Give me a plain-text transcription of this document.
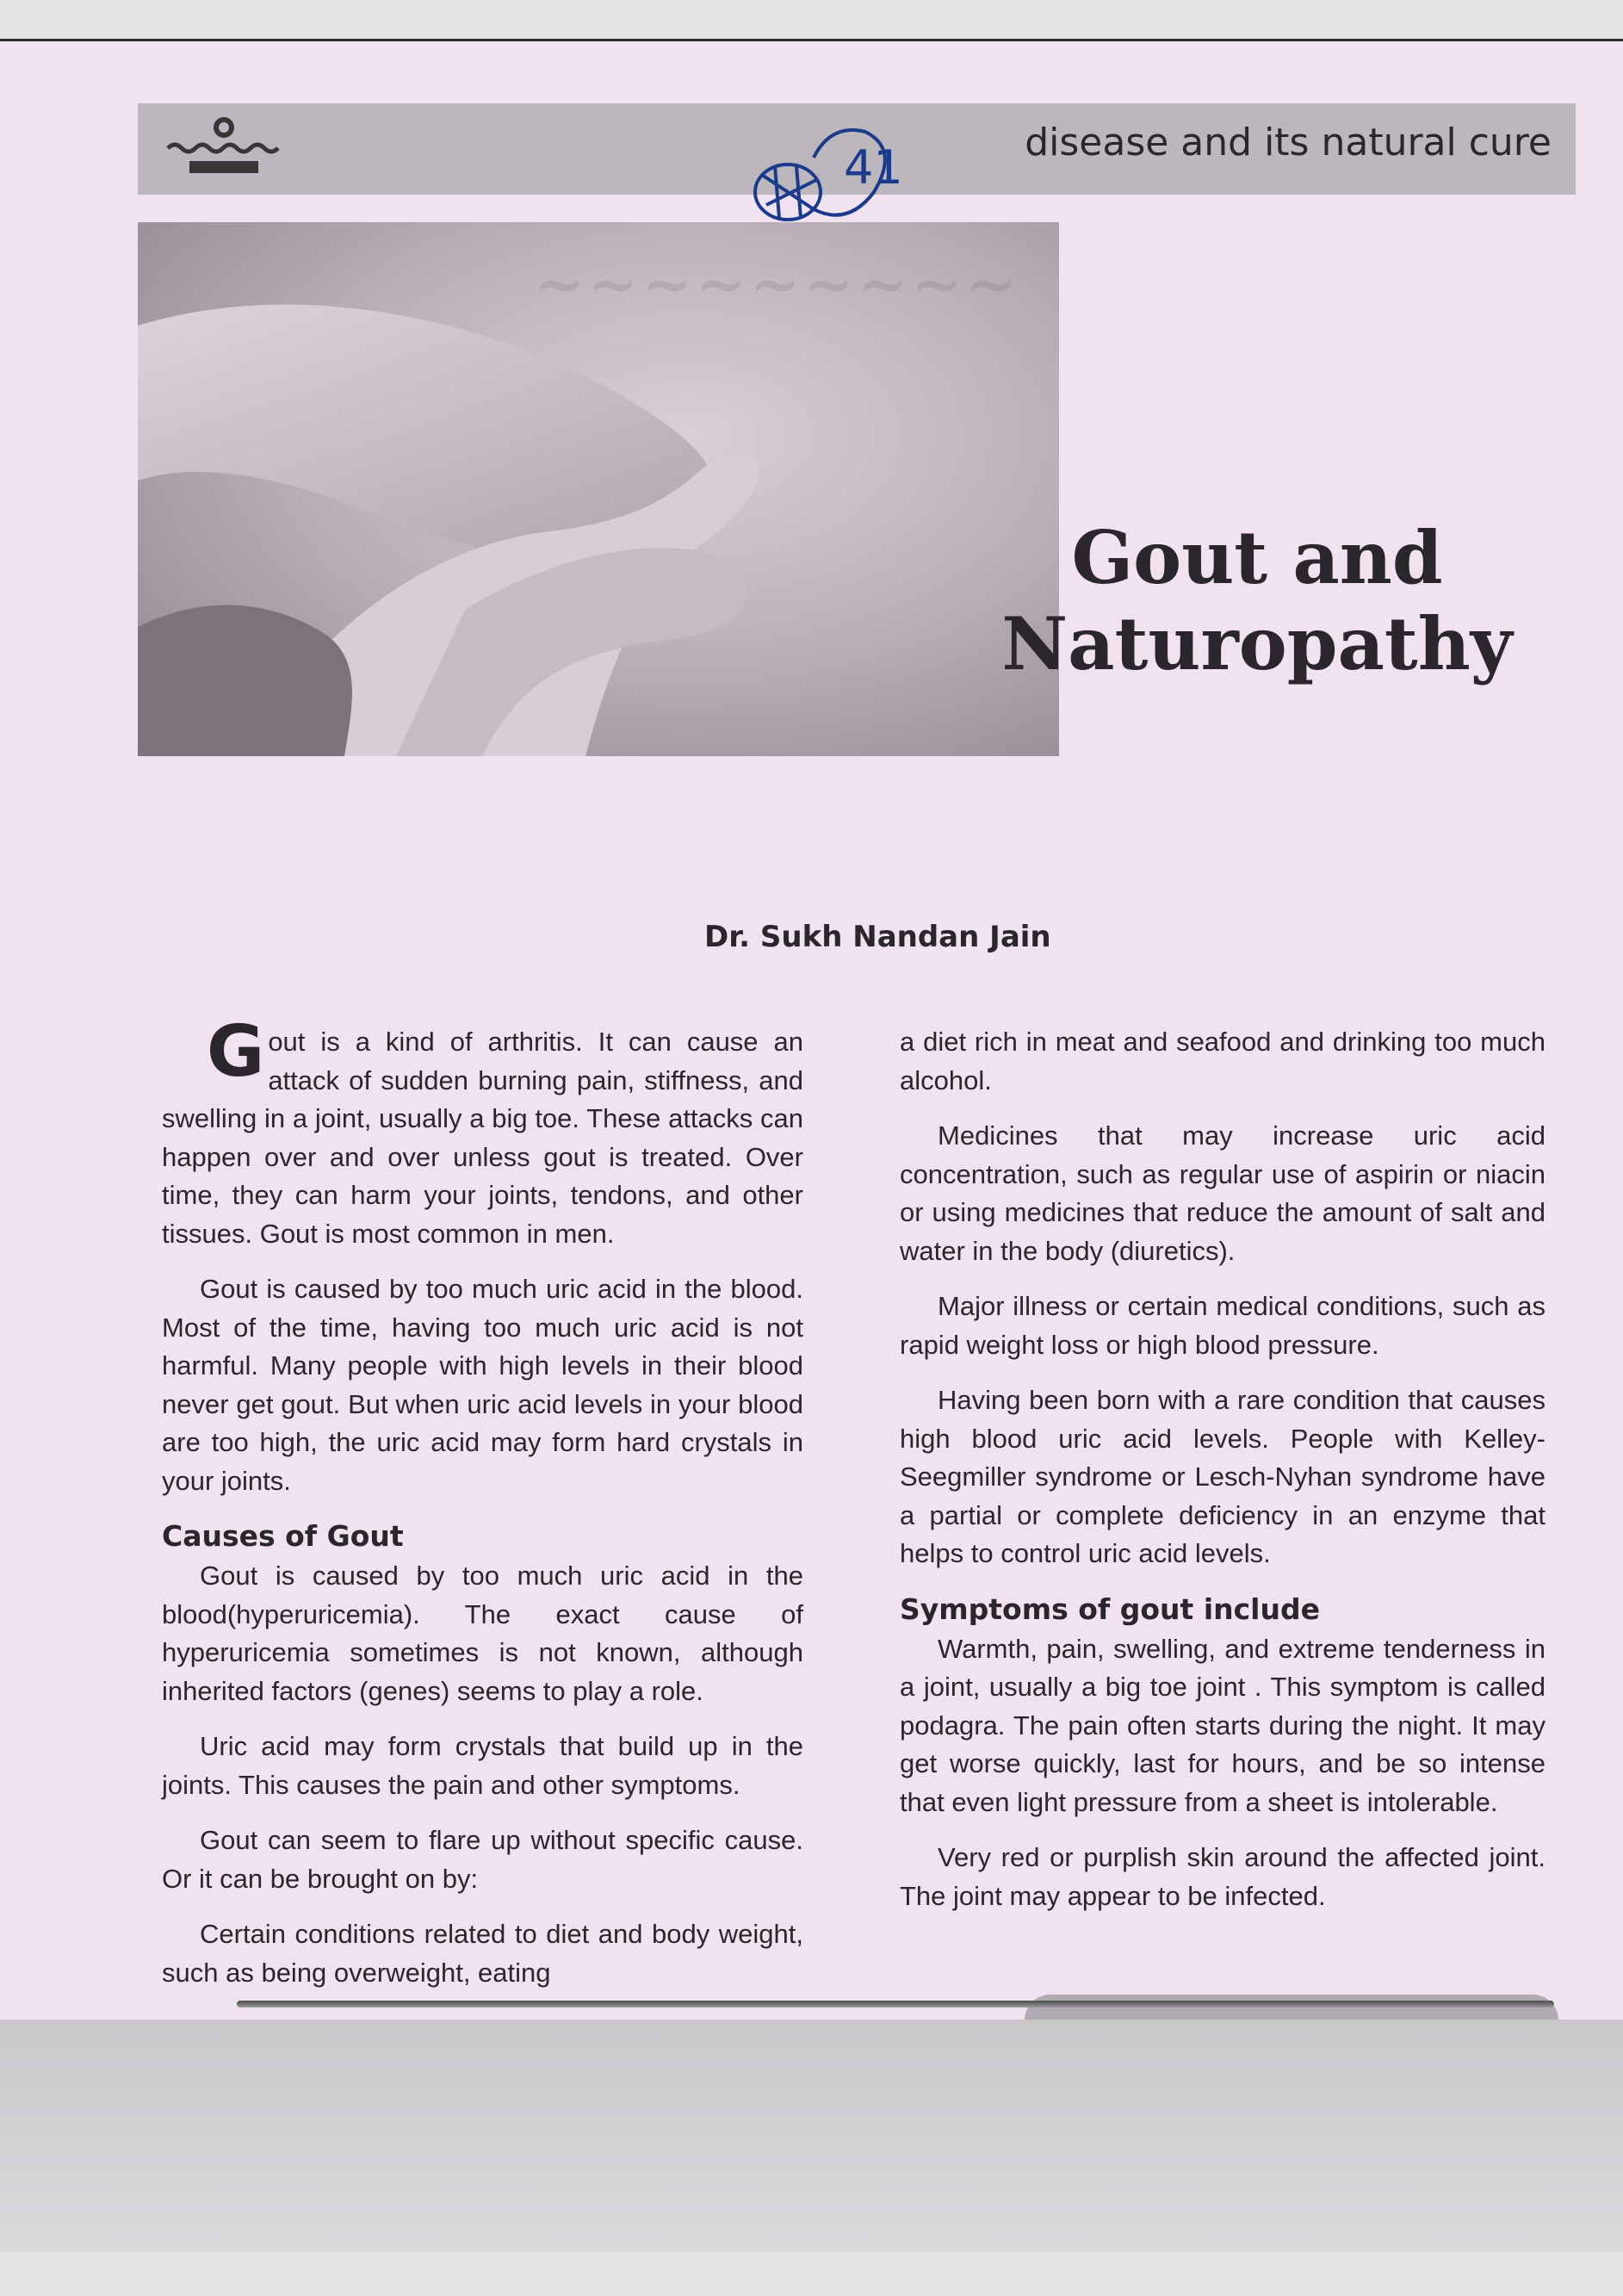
disease and its natural cure
41
~~~~~~~~~
Gout and
Naturopathy
Dr. Sukh Nandan Jain

Gout is a kind of arthritis. It can cause an attack of sudden burning pain, stiffness, and swelling in a joint, usually a big toe. These attacks can happen over and over unless gout is treated. Over time, they can harm your joints, tendons, and other tissues. Gout is most common in men.

Gout is caused by too much uric acid in the blood. Most of the time, having too much uric acid is not harmful. Many people with high levels in their blood never get gout. But when uric acid levels in your blood are too high, the uric acid may form hard crystals in your joints.

Causes of Gout

Gout is caused by too much uric acid in the blood(hyperuricemia). The exact cause of hyperuricemia sometimes is not known, although inherited factors (genes) seems to play a role.

Uric acid may form crystals that build up in the joints. This causes the pain and other symptoms.

Gout can seem to flare up without specific cause. Or it can be brought on by:

Certain conditions related to diet and body weight, such as being overweight, eating

a diet rich in meat and seafood and drinking too much alcohol.

Medicines that may increase uric acid concentration, such as regular use of aspirin or niacin or using medicines that reduce the amount of salt and water in the body (diuretics).

Major illness or certain medical conditions, such as rapid weight loss or high blood pressure.

Having been born with a rare condition that causes high blood uric acid levels. People with Kelley-Seegmiller syndrome or Lesch-Nyhan syndrome have a partial or complete deficiency in an enzyme that helps to control uric acid levels.

Symptoms of gout include

Warmth, pain, swelling, and extreme tenderness in a joint, usually a big toe joint . This symptom is called podagra. The pain often starts during the night. It may get worse quickly, last for hours, and be so intense that even light pressure from a sheet is intolerable.

Very red or purplish skin around the affected joint. The joint may appear to be infected.
